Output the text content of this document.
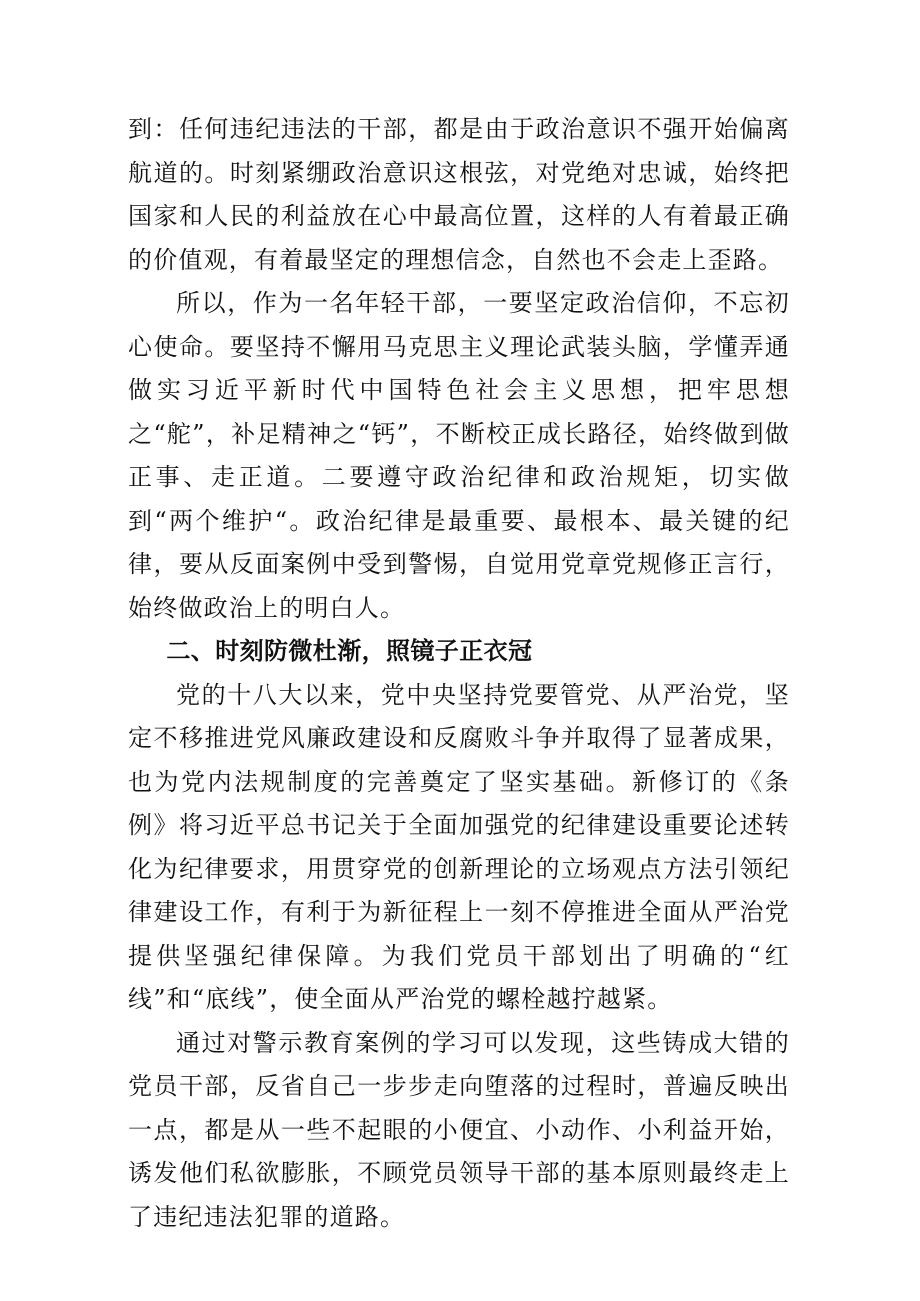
到：任何违纪违法的干部，都是由于政治意识不强开始偏离航道的。时刻紧绷政治意识这根弦，对党绝对忠诚，始终把国家和人民的利益放在心中最高位置，这样的人有着最正确的价值观，有着最坚定的理想信念，自然也不会走上歪路。

所以，作为一名年轻干部，一要坚定政治信仰，不忘初心使命。要坚持不懈用马克思主义理论武装头脑，学懂弄通做实习近平新时代中国特色社会主义思想，把牢思想之“舵”，补足精神之“钙”，不断校正成长路径，始终做到做正事、走正道。二要遵守政治纪律和政治规矩，切实做到“两个维护“。政治纪律是最重要、最根本、最关键的纪律，要从反面案例中受到警惕，自觉用党章党规修正言行，始终做政治上的明白人。

二、时刻防微杜渐，照镜子正衣冠

党的十八大以来，党中央坚持党要管党、从严治党，坚定不移推进党风廉政建设和反腐败斗争并取得了显著成果，也为党内法规制度的完善奠定了坚实基础。新修订的《条例》将习近平总书记关于全面加强党的纪律建设重要论述转化为纪律要求，用贯穿党的创新理论的立场观点方法引领纪律建设工作，有利于为新征程上一刻不停推进全面从严治党提供坚强纪律保障。为我们党员干部划出了明确的“红线”和“底线”，使全面从严治党的螺栓越拧越紧。

通过对警示教育案例的学习可以发现，这些铸成大错的党员干部，反省自己一步步走向堕落的过程时，普遍反映出一点，都是从一些不起眼的小便宜、小动作、小利益开始，诱发他们私欲膨胀，不顾党员领导干部的基本原则最终走上了违纪违法犯罪的道路。
